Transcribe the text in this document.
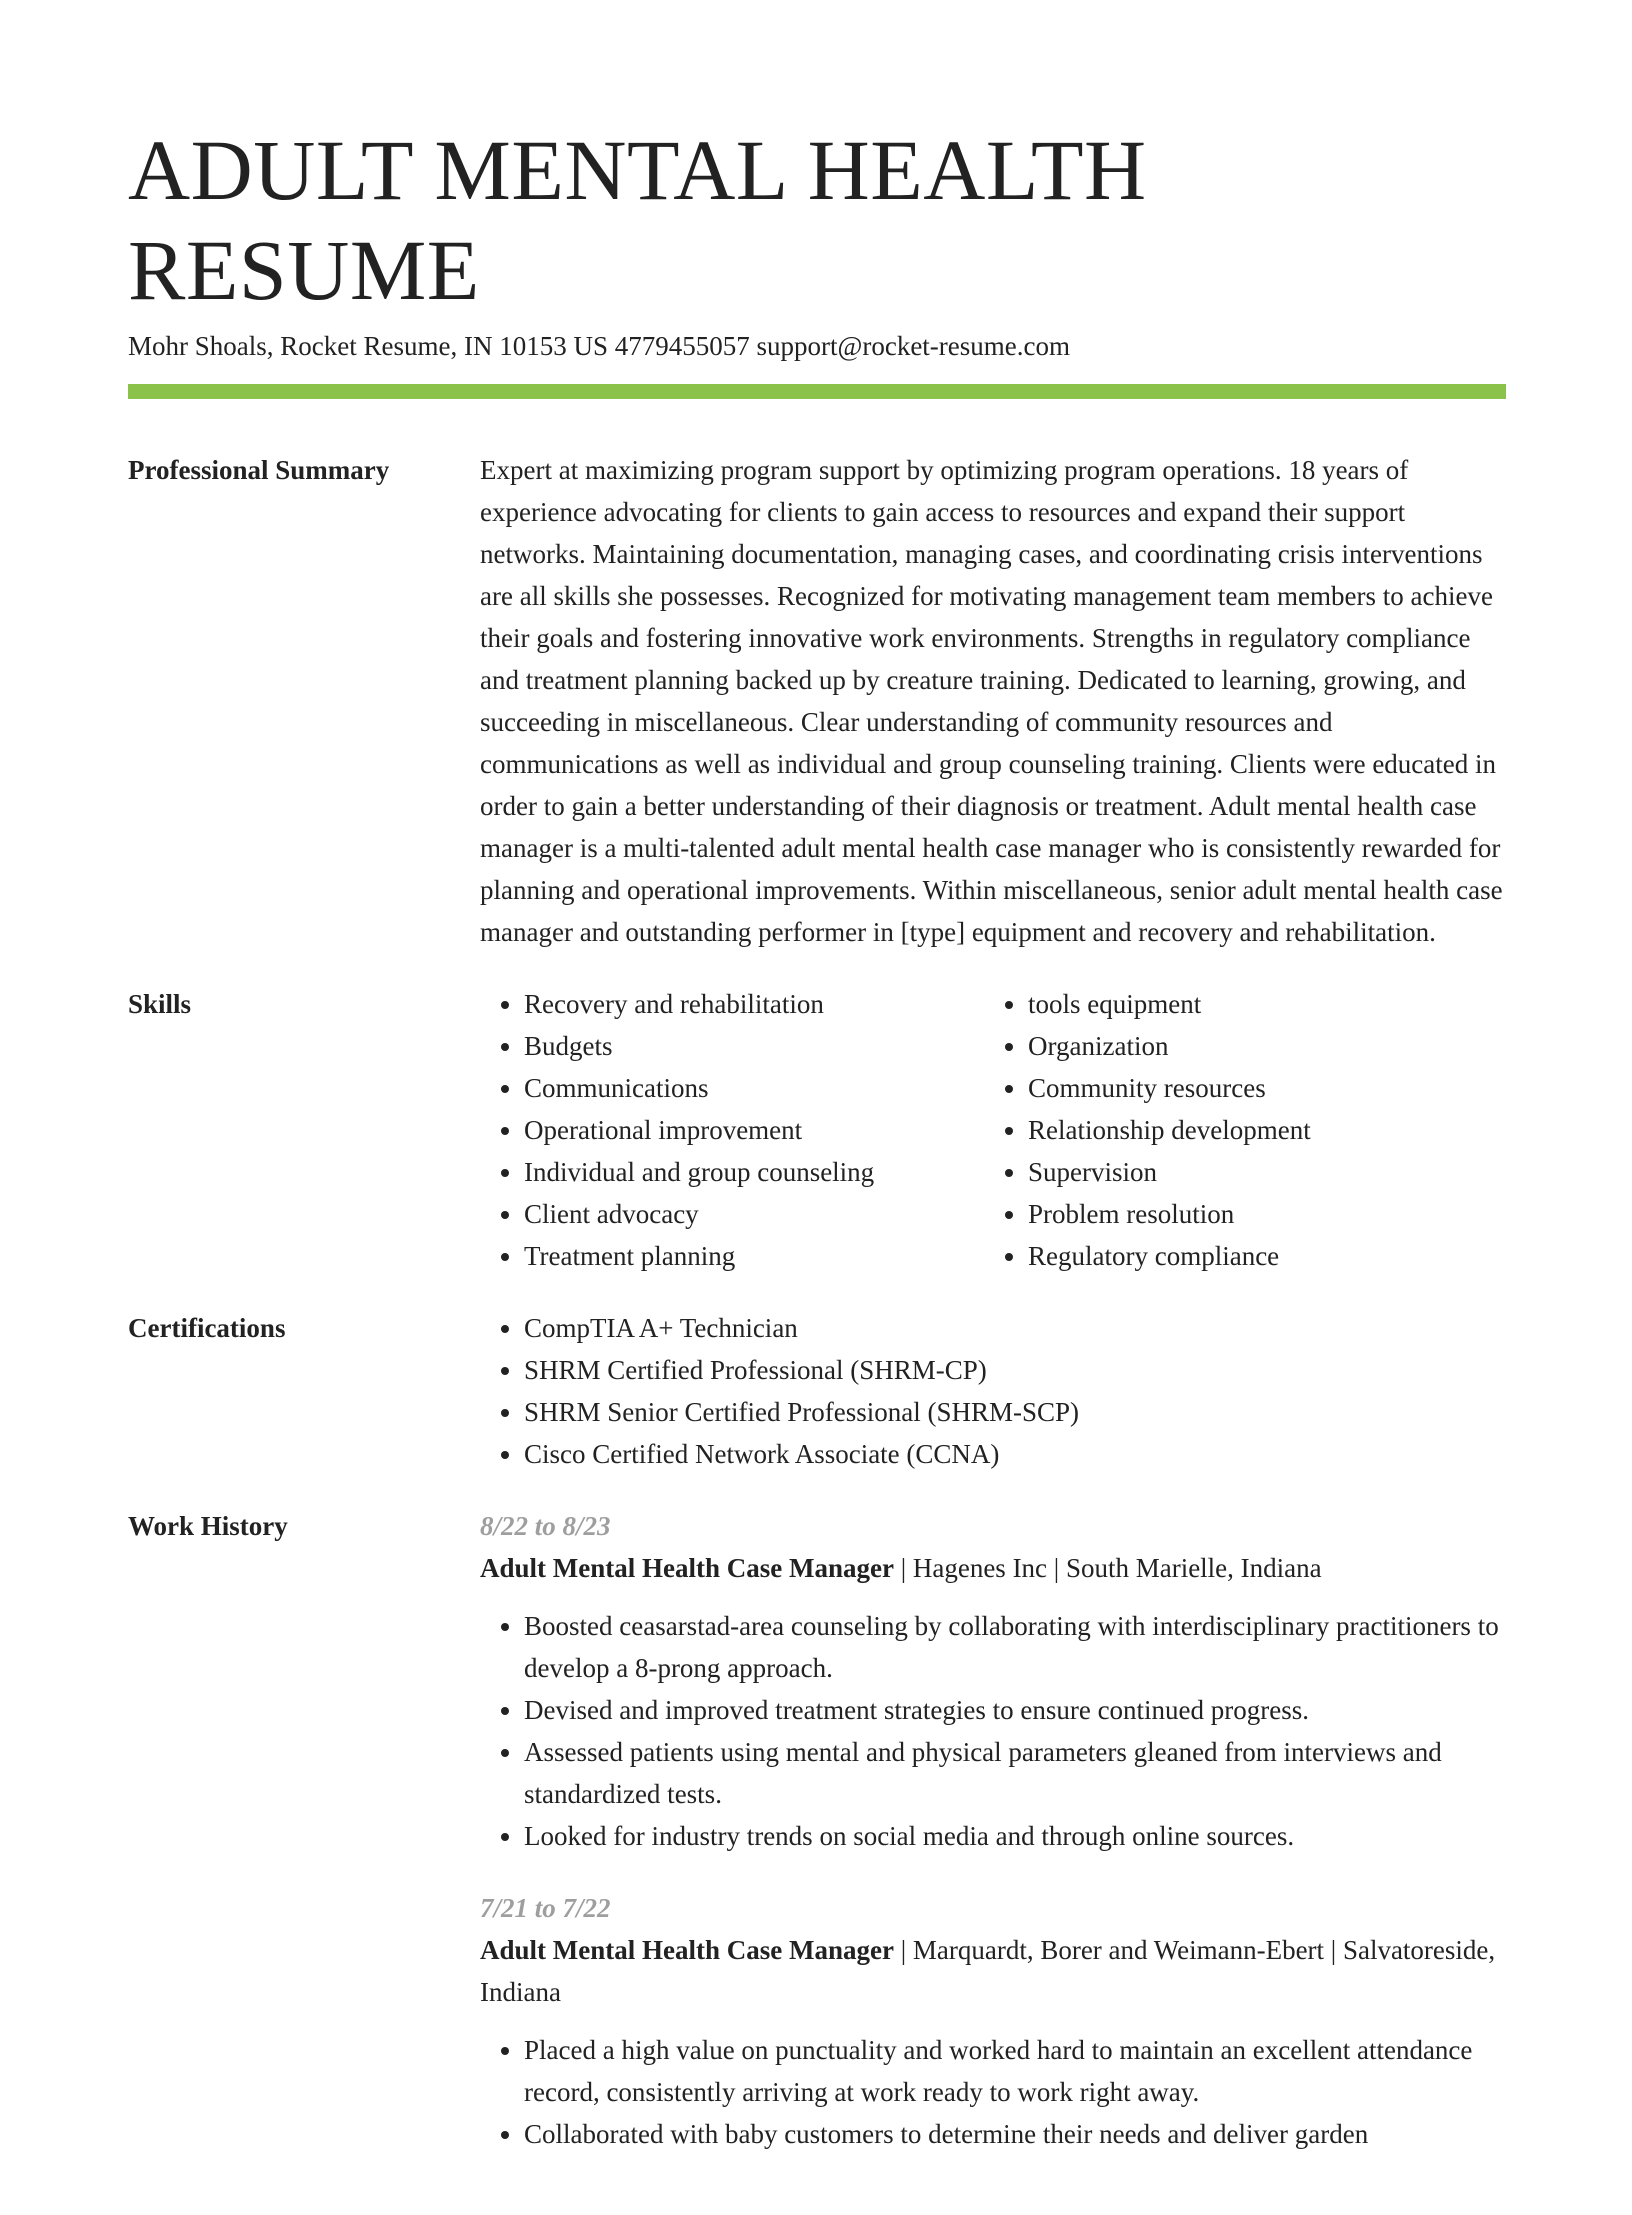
ADULT MENTAL HEALTH RESUME
Mohr Shoals, Rocket Resume, IN 10153 US 4779455057 support@rocket-resume.com
Professional Summary	Expert at maximizing program support by optimizing program operations. 18 years of experience advocating for clients to gain access to resources and expand their support networks. Maintaining documentation, managing cases, and coordinating crisis interventions are all skills she possesses. Recognized for motivating management team members to achieve their goals and fostering innovative work environments. Strengths in regulatory compliance and treatment planning backed up by creature training. Dedicated to learning, growing, and succeeding in miscellaneous. Clear understanding of community resources and communications as well as individual and group counseling training. Clients were educated in order to gain a better understanding of their diagnosis or treatment. Adult mental health case manager is a multi-talented adult mental health case manager who is consistently rewarded for planning and operational improvements. Within miscellaneous, senior adult mental health case manager and outstanding performer in [type] equipment and recovery and rehabilitation.

Skills	• Recovery and rehabilitation
• Budgets
• Communications
• Operational improvement
• Individual and group counseling
• Client advocacy
• Treatment planning
• tools equipment
• Organization
• Community resources
• Relationship development
• Supervision
• Problem resolution
• Regulatory compliance
Certifications	• CompTIA A+ Technician
• SHRM Certified Professional (SHRM-CP)
• SHRM Senior Certified Professional (SHRM-SCP)
• Cisco Certified Network Associate (CCNA)
Work History	8/22 to 8/23
Adult Mental Health Case Manager | Hagenes Inc | South Marielle, Indiana
• Boosted ceasarstad-area counseling by collaborating with interdisciplinary practitioners to develop a 8-prong approach.
• Devised and improved treatment strategies to ensure continued progress.
• Assessed patients using mental and physical parameters gleaned from interviews and standardized tests.
• Looked for industry trends on social media and through online sources.
7/21 to 7/22
Adult Mental Health Case Manager | Marquardt, Borer and Weimann-Ebert | Salvatoreside, Indiana
• Placed a high value on punctuality and worked hard to maintain an excellent attendance record, consistently arriving at work ready to work right away.
• Collaborated with baby customers to determine their needs and deliver garden
